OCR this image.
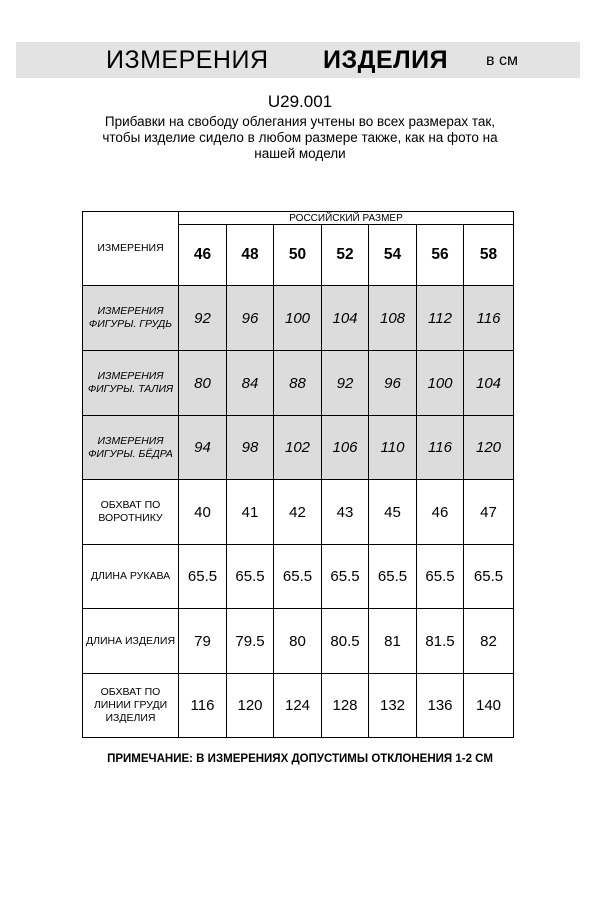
ИЗМЕРЕНИЯ ИЗДЕЛИЯ в см
U29.001
Прибавки на свободу облегания учтены во всех размерах так,
чтобы изделие сидело в любом размере также, как на фото на
нашей модели
ИЗМЕРЕНИЯ	РОССИЙСКИЙ РАЗМЕР						
	46	48	50	52	54	56	58

ИЗМЕРЕНИЯ
ФИГУРЫ. ГРУДЬ	92	96	100	104	108	112	116

ИЗМЕРЕНИЯ
ФИГУРЫ. ТАЛИЯ	80	84	88	92	96	100	104

ИЗМЕРЕНИЯ
ФИГУРЫ. БЁДРА	94	98	102	106	110	116	120

ОБХВАТ ПО
ВОРОТНИКУ	40	41	42	43	45	46	47

ДЛИНА РУКАВА	65.5	65.5	65.5	65.5	65.5	65.5	65.5

ДЛИНА ИЗДЕЛИЯ	79	79.5	80	80.5	81	81.5	82

ОБХВАТ ПО
ЛИНИИ ГРУДИ
ИЗДЕЛИЯ	116	120	124	128	132	136	140
ПРИМЕЧАНИЕ: В ИЗМЕРЕНИЯХ ДОПУСТИМЫ ОТКЛОНЕНИЯ 1-2 СМ
